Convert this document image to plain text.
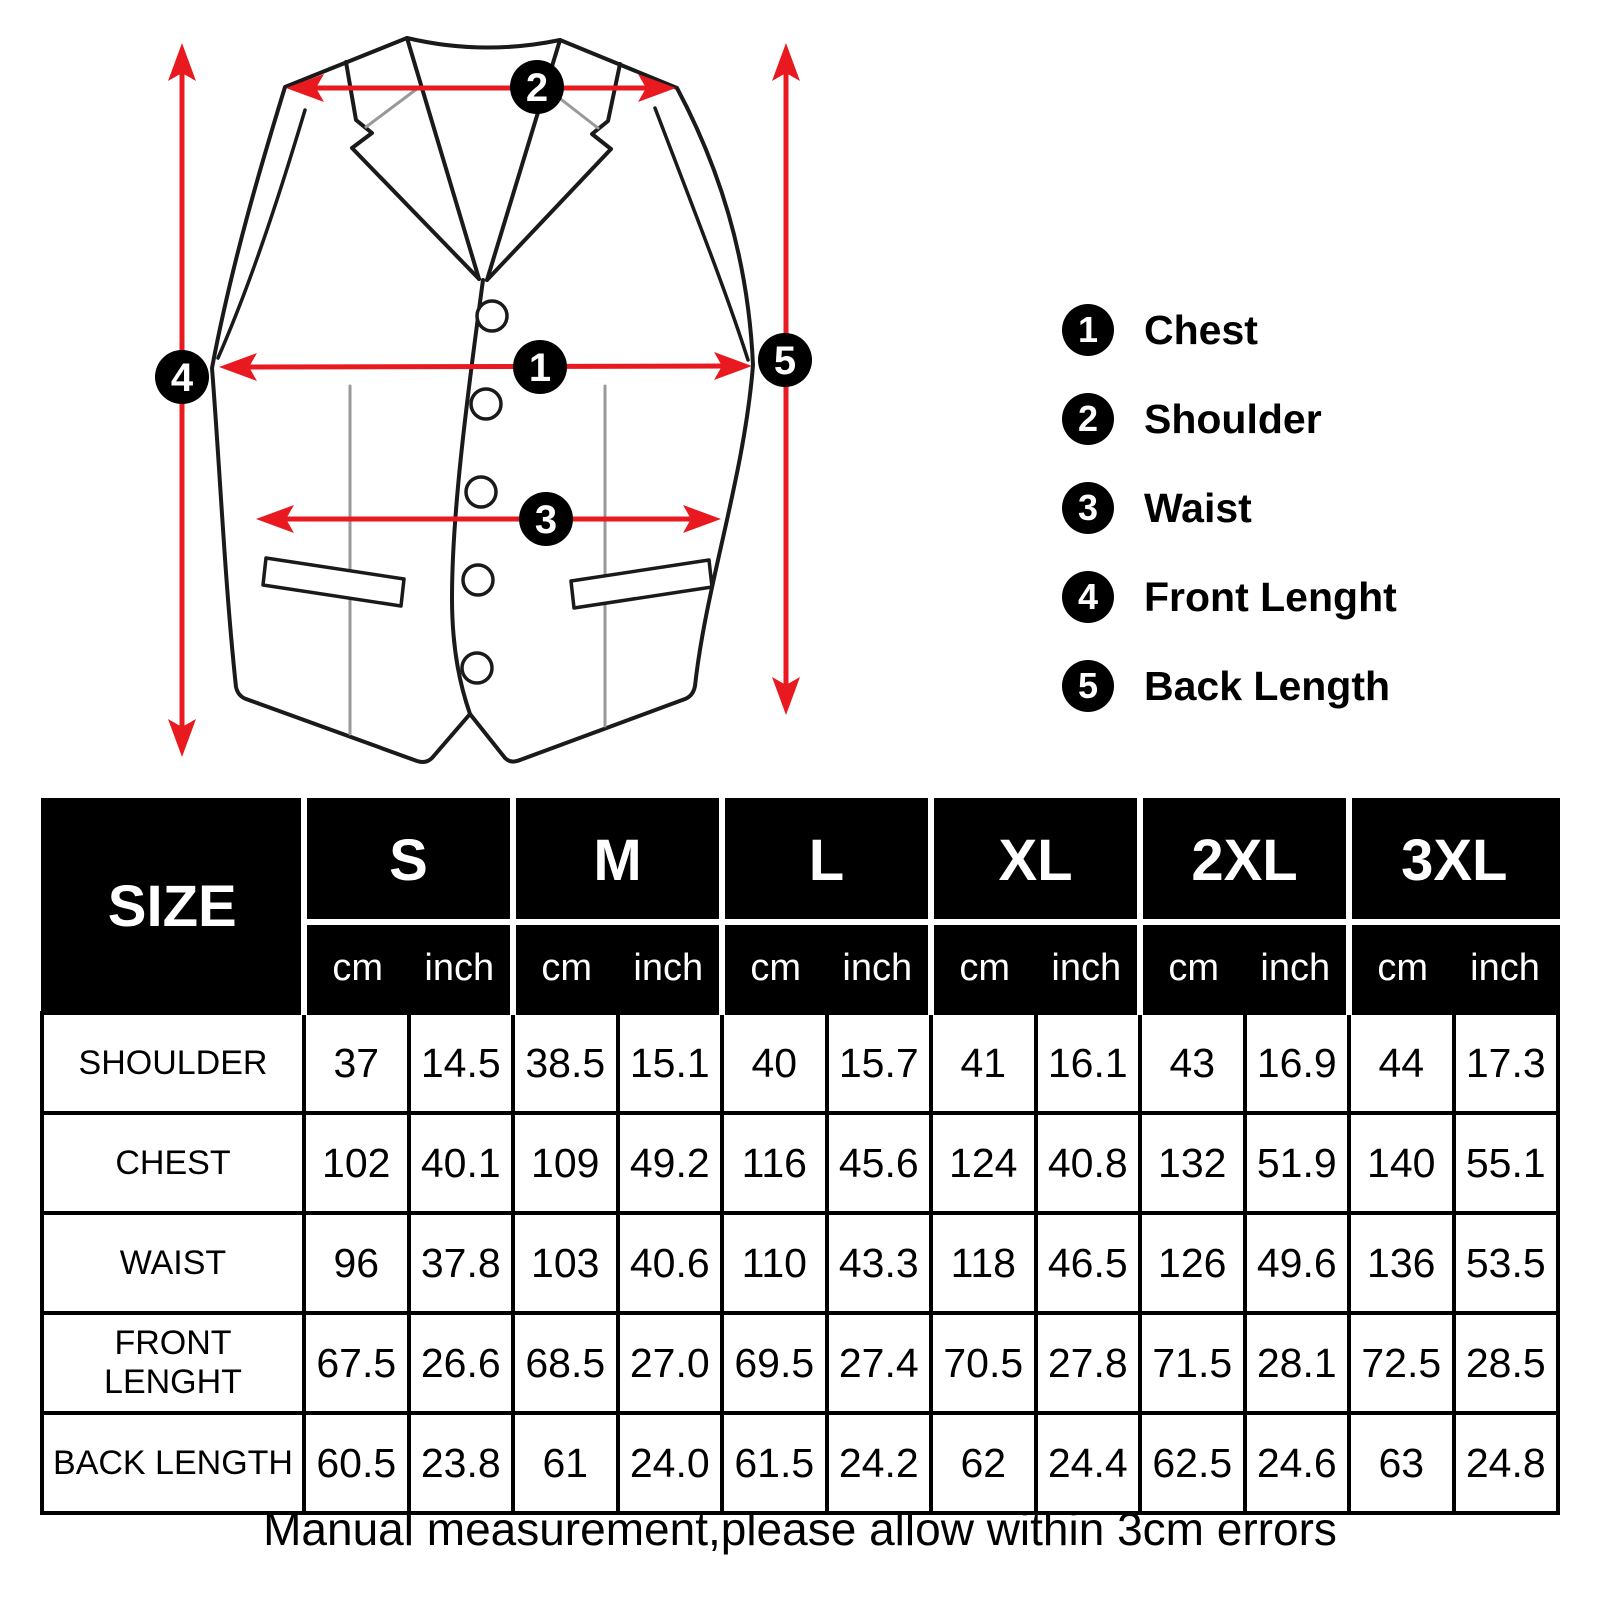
1
2
3
4	5
1	Chest
2	Shoulder
3	Waist
4	Front Lenght
5	Back Length
SIZE	S		M		L		XL		2XL		3XL	
	cm	inch	cm	inch	cm	inch	cm	inch	cm	inch	cm	inch
SHOULDER	37	14.5	38.5	15.1	40	15.7	41	16.1	43	16.9	44	17.3
CHEST	102	40.1	109	49.2	116	45.6	124	40.8	132	51.9	140	55.1
WAIST	96	37.8	103	40.6	110	43.3	118	46.5	126	49.6	136	53.5
FRONT LENGHT	67.5	26.6	68.5	27.0	69.5	27.4	70.5	27.8	71.5	28.1	72.5	28.5
BACK LENGTH	60.5	23.8	61	24.0	61.5	24.2	62	24.4	62.5	24.6	63	24.8
Manual measurement,please allow within 3cm errors
